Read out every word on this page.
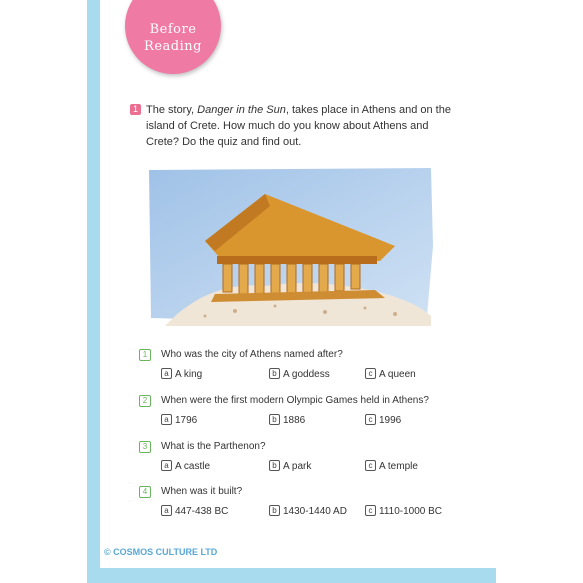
Before
Reading
1 The story, Danger in the Sun, takes place in Athens and on the island of Crete. How much do you know about Athens and Crete? Do the quiz and find out.
1	Who was the city of Athens named after?
a A king	b A goddess	c A queen
2	When were the first modern Olympic Games held in Athens?
a 1796	b 1886	c 1996
3	What is the Parthenon?
a A castle	b A park	c A temple
4	When was it built?
a 447-438 BC	b 1430-1440 AD	c 1110-1000 BC
© COSMOS CULTURE LTD
